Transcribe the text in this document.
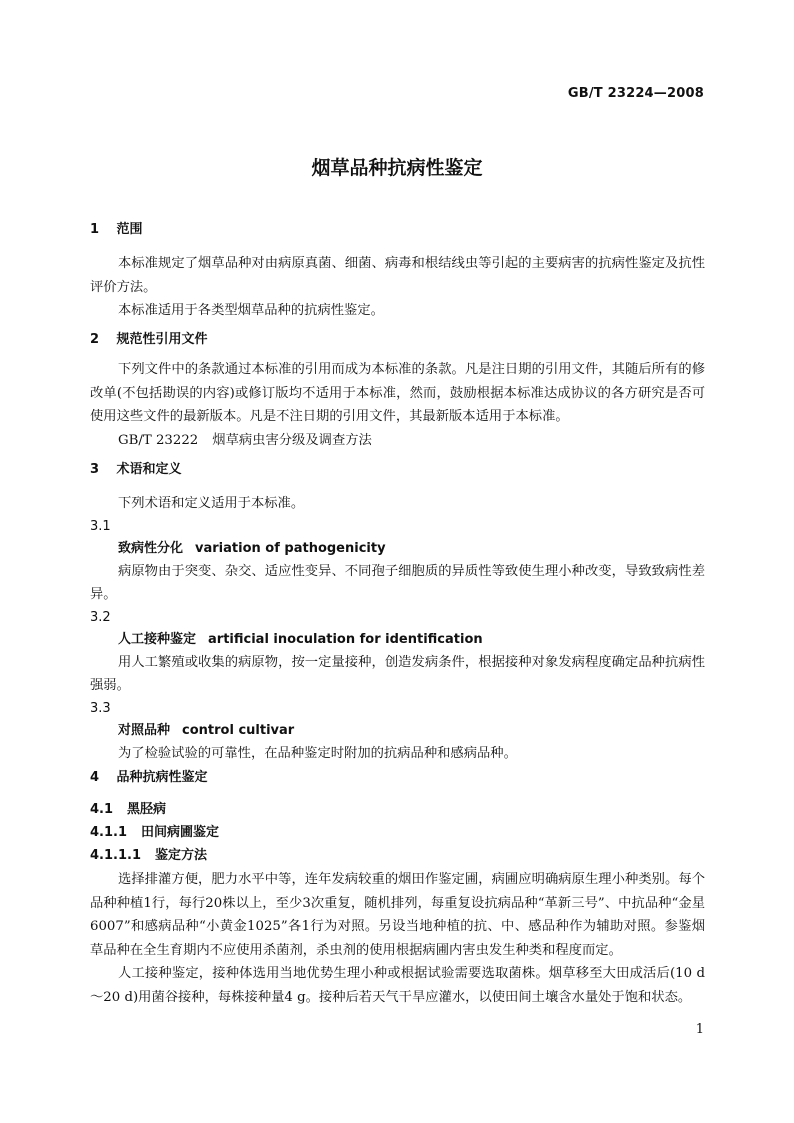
GB/T 23224—2008
烟草品种抗病性鉴定
1 范围

本标准规定了烟草品种对由病原真菌、细菌、病毒和根结线虫等引起的主要病害的抗病性鉴定及抗性评价方法。

本标准适用于各类型烟草品种的抗病性鉴定。

2 规范性引用文件

下列文件中的条款通过本标准的引用而成为本标准的条款。凡是注日期的引用文件，其随后所有的修改单(不包括勘误的内容)或修订版均不适用于本标准，然而，鼓励根据本标准达成协议的各方研究是否可使用这些文件的最新版本。凡是不注日期的引用文件，其最新版本适用于本标准。

GB/T 23222 烟草病虫害分级及调查方法

3 术语和定义

下列术语和定义适用于本标准。

3.1
致病性分化 variation of pathogenicity

病原物由于突变、杂交、适应性变异、不同孢子细胞质的异质性等致使生理小种改变，导致致病性差异。

3.2
人工接种鉴定 artificial inoculation for identification

用人工繁殖或收集的病原物，按一定量接种，创造发病条件，根据接种对象发病程度确定品种抗病性强弱。

3.3
对照品种 control cultivar

为了检验试验的可靠性，在品种鉴定时附加的抗病品种和感病品种。

4 品种抗病性鉴定
4.1 黑胫病
4.1.1 田间病圃鉴定
4.1.1.1 鉴定方法

选择排灌方便，肥力水平中等，连年发病较重的烟田作鉴定圃，病圃应明确病原生理小种类别。每个品种种植1行，每行20株以上，至少3次重复，随机排列，每重复设抗病品种“革新三号”、中抗品种“金星6007”和感病品种“小黄金1025”各1行为对照。另设当地种植的抗、中、感品种作为辅助对照。参鉴烟草品种在全生育期内不应使用杀菌剂，杀虫剂的使用根据病圃内害虫发生种类和程度而定。

人工接种鉴定，接种体选用当地优势生理小种或根据试验需要选取菌株。烟草移至大田成活后(10 d～20 d)用菌谷接种，每株接种量4 g。接种后若天气干旱应灌水，以使田间土壤含水量处于饱和状态。

1
